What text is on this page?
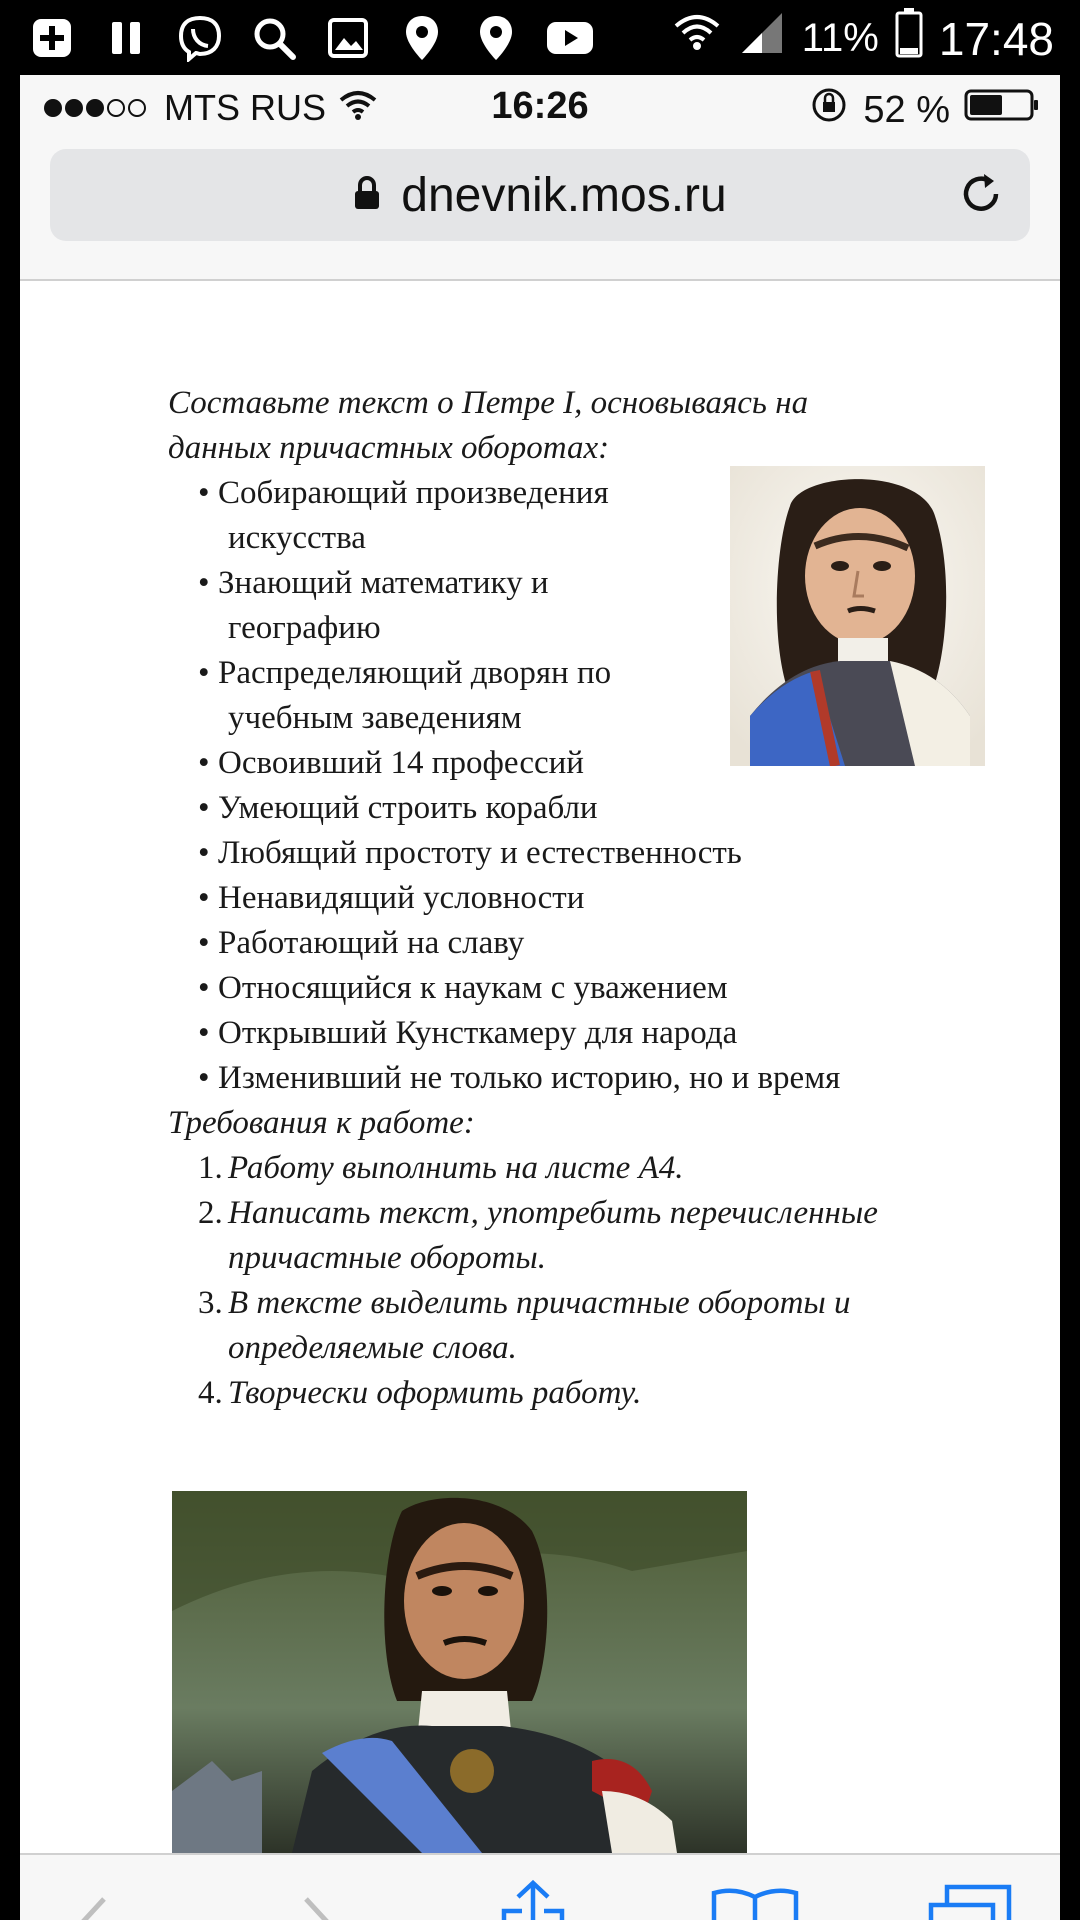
11% 17:48
MTS RUS	16:26	52 %
dnevnik.mos.ru
Составьте текст о Петре I, основываясь на
данных причастных оборотах:
• Собирающий произведения
искусства
• Знающий математику и
географию
• Распределяющий дворян по
учебным заведениям
• Освоивший 14 профессий
• Умеющий строить корабли
• Любящий простоту и естественность
• Ненавидящий условности
• Работающий на славу
• Относящийся к наукам с уважением
• Открывший Кунсткамеру для народа
• Изменивший не только историю, но и время
Требования к работе:
1. Работу выполнить на листе А4.
2. Написать текст, употребить перечисленные
причастные обороты.
3. В тексте выделить причастные обороты и
определяемые слова.
4. Творчески оформить работу.
